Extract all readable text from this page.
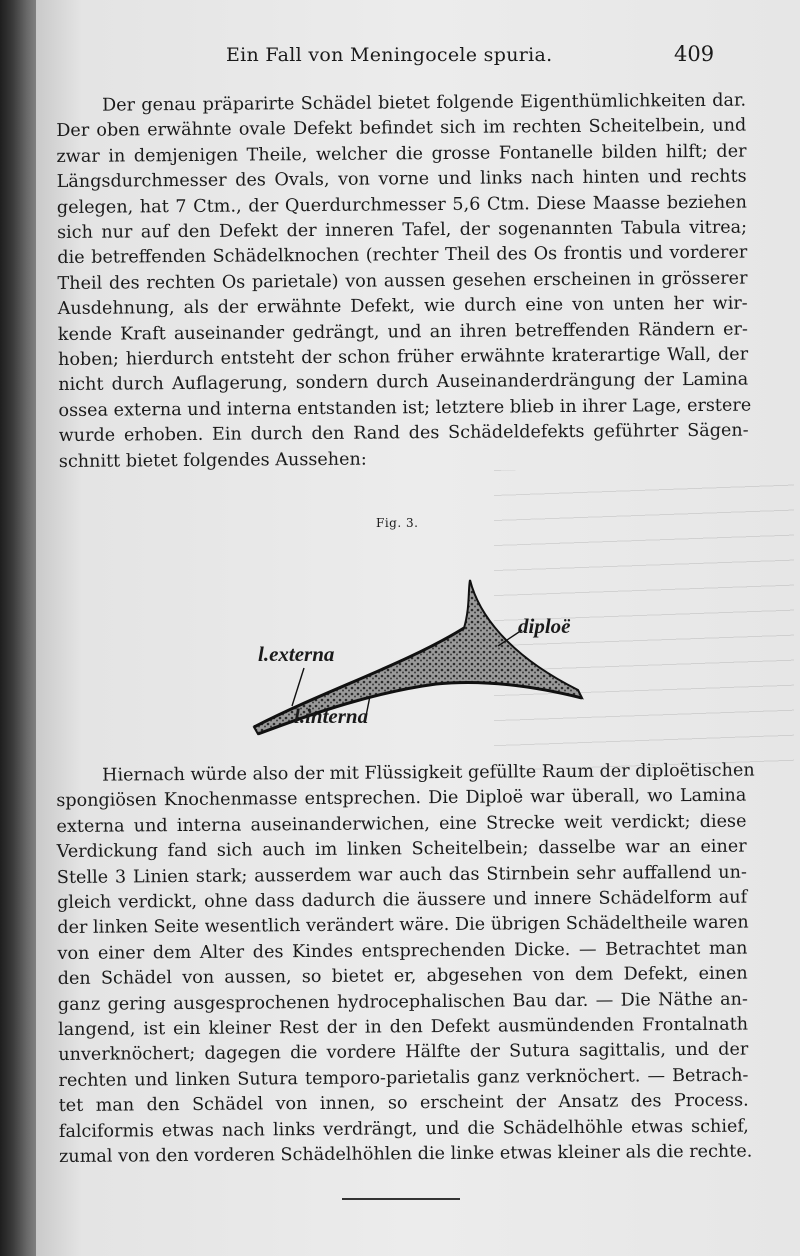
Ein Fall von Meningocele spuria.	409
Der genau präparirte Schädel bietet folgende Eigenthümlichkeiten dar.
Der oben erwähnte ovale Defekt befindet sich im rechten Scheitelbein, und
zwar in demjenigen Theile, welcher die grosse Fontanelle bilden hilft; der
Längsdurchmesser des Ovals, von vorne und links nach hinten und rechts
gelegen, hat 7 Ctm., der Querdurchmesser 5,6 Ctm. Diese Maasse beziehen
sich nur auf den Defekt der inneren Tafel, der sogenannten Tabula vitrea;
die betreffenden Schädelknochen (rechter Theil des Os frontis und vorderer
Theil des rechten Os parietale) von aussen gesehen erscheinen in grösserer
Ausdehnung, als der erwähnte Defekt, wie durch eine von unten her wir-
kende Kraft auseinander gedrängt, und an ihren betreffenden Rändern er-
hoben; hierdurch entsteht der schon früher erwähnte kraterartige Wall, der
nicht durch Auflagerung, sondern durch Auseinanderdrängung der Lamina
ossea externa und interna entstanden ist; letztere blieb in ihrer Lage, erstere
wurde erhoben. Ein durch den Rand des Schädeldefekts geführter Sägen-
schnitt bietet folgendes Aussehen:
Fig. 3.
l.externa
diploë
l.interna
Hiernach würde also der mit Flüssigkeit gefüllte Raum der diploëtischen
spongiösen Knochenmasse entsprechen. Die Diploë war überall, wo Lamina
externa und interna auseinanderwichen, eine Strecke weit verdickt; diese
Verdickung fand sich auch im linken Scheitelbein; dasselbe war an einer
Stelle 3 Linien stark; ausserdem war auch das Stirnbein sehr auffallend un-
gleich verdickt, ohne dass dadurch die äussere und innere Schädelform auf
der linken Seite wesentlich verändert wäre. Die übrigen Schädeltheile waren
von einer dem Alter des Kindes entsprechenden Dicke. — Betrachtet man
den Schädel von aussen, so bietet er, abgesehen von dem Defekt, einen
ganz gering ausgesprochenen hydrocephalischen Bau dar. — Die Näthe an-
langend, ist ein kleiner Rest der in den Defekt ausmündenden Frontalnath
unverknöchert; dagegen die vordere Hälfte der Sutura sagittalis, und der
rechten und linken Sutura temporo-parietalis ganz verknöchert. — Betrach-
tet man den Schädel von innen, so erscheint der Ansatz des Process.
falciformis etwas nach links verdrängt, und die Schädelhöhle etwas schief,
zumal von den vorderen Schädelhöhlen die linke etwas kleiner als die rechte.
